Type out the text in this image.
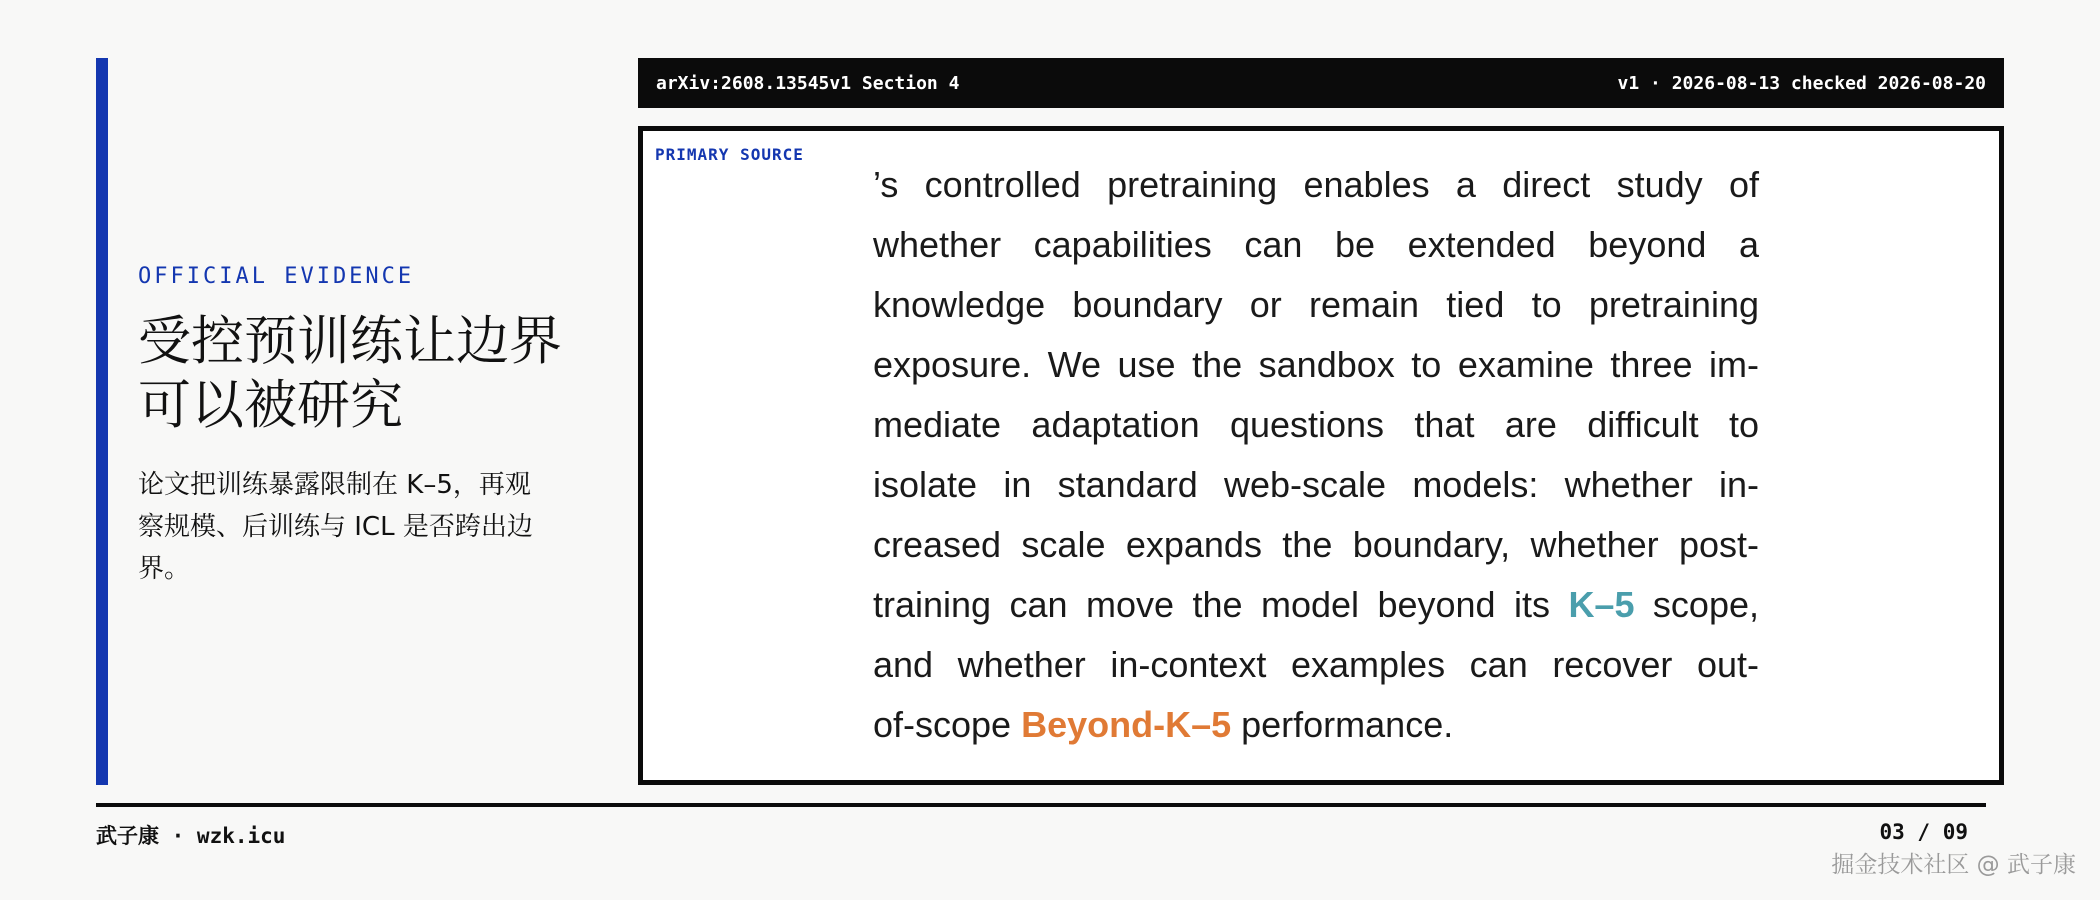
OFFICIAL EVIDENCE
受控预训练让边界
可以被研究

论文把训练暴露限制在 K–5，再观
察规模、后训练与 ICL 是否跨出边
界。

arXiv:2608.13545v1 Section 4	v1 · 2026-08-13 checked 2026-08-20
PRIMARY SOURCE
’s controlled pretraining enables a direct study of
whether capabilities can be extended beyond a
knowledge boundary or remain tied to pretraining
exposure. We use the sandbox to examine three im-
mediate adaptation questions that are difficult to
isolate in standard web-scale models: whether in-
creased scale expands the boundary, whether post-
training can move the model beyond its K–5 scope,
and whether in-context examples can recover out-
of-scope Beyond-K–5 performance.
武子康 · wzk.icu	03 / 09
掘金技术社区 @ 武子康
